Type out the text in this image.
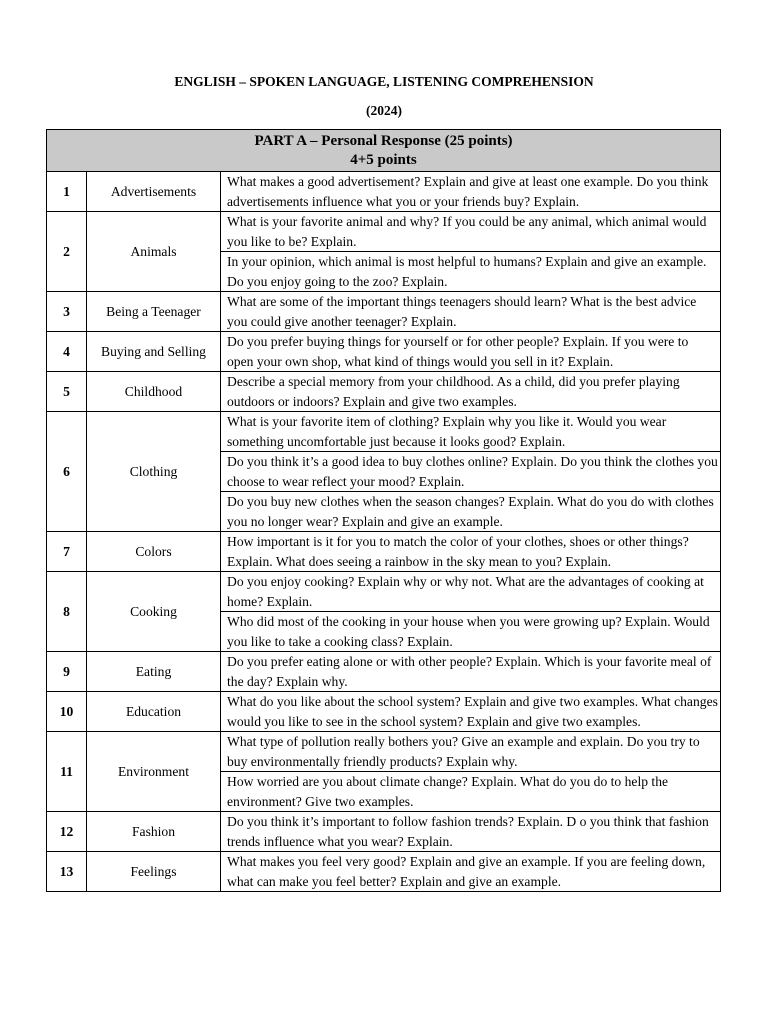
ENGLISH – SPOKEN LANGUAGE, LISTENING COMPREHENSION
(2024)
PART A – Personal Response (25 points)
4+5 points		

1	Advertisements	What makes a good advertisement? Explain and give at least one example. Do you think advertisements influence what you or your friends buy? Explain.
2	Animals	What is your favorite animal and why? If you could be any animal, which animal would you like to be? Explain.
		In your opinion, which animal is most helpful to humans? Explain and give an example. Do you enjoy going to the zoo? Explain.
3	Being a Teenager	What are some of the important things teenagers should learn? What is the best advice you could give another teenager? Explain.
4	Buying and Selling	Do you prefer buying things for yourself or for other people? Explain. If you were to open your own shop, what kind of things would you sell in it? Explain.
5	Childhood	Describe a special memory from your childhood. As a child, did you prefer playing outdoors or indoors? Explain and give two examples.
6	Clothing	What is your favorite item of clothing? Explain why you like it. Would you wear something uncomfortable just because it looks good? Explain.
		Do you think it’s a good idea to buy clothes online? Explain. Do you think the clothes you choose to wear reflect your mood? Explain.
		Do you buy new clothes when the season changes? Explain. What do you do with clothes you no longer wear? Explain and give an example.
7	Colors	How important is it for you to match the color of your clothes, shoes or other things? Explain. What does seeing a rainbow in the sky mean to you? Explain.
8	Cooking	Do you enjoy cooking? Explain why or why not. What are the advantages of cooking at home? Explain.
		Who did most of the cooking in your house when you were growing up? Explain. Would you like to take a cooking class? Explain.
9	Eating	Do you prefer eating alone or with other people? Explain. Which is your favorite meal of the day? Explain why.
10	Education	What do you like about the school system? Explain and give two examples. What changes would you like to see in the school system? Explain and give two examples.
11	Environment	What type of pollution really bothers you? Give an example and explain. Do you try to buy environmentally friendly products? Explain why.
		How worried are you about climate change? Explain. What do you do to help the environment? Give two examples.
12	Fashion	Do you think it’s important to follow fashion trends? Explain. D o you think that fashion trends influence what you wear? Explain.
13	Feelings	What makes you feel very good? Explain and give an example. If you are feeling down, what can make you feel better? Explain and give an example.
